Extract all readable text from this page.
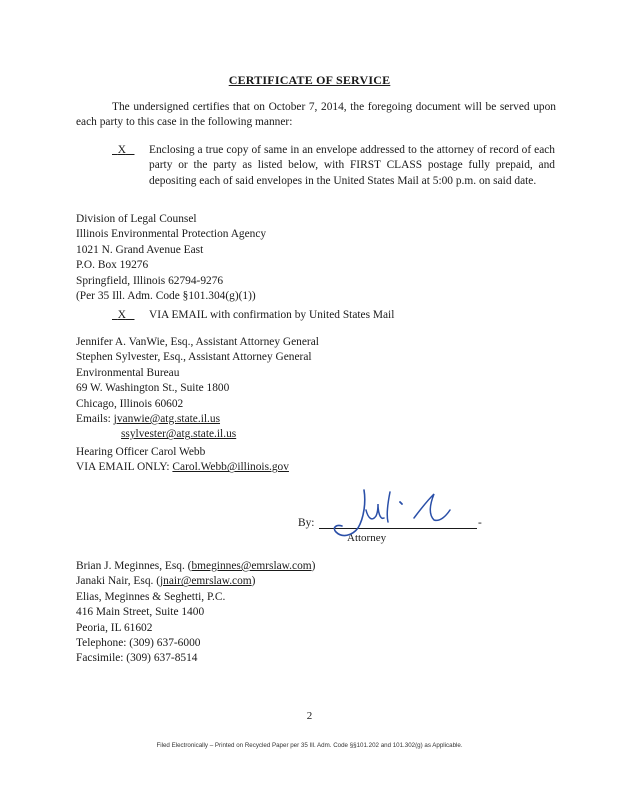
CERTIFICATE OF SERVICE
The undersigned certifies that on October 7, 2014, the foregoing document will be served upon each party to this case in the following manner:
X	Enclosing a true copy of same in an envelope addressed to the attorney of record of each party or the party as listed below, with FIRST CLASS postage fully prepaid, and depositing each of said envelopes in the United States Mail at 5:00 p.m. on said date.
Division of Legal Counsel
Illinois Environmental Protection Agency
1021 N. Grand Avenue East
P.O. Box 19276
Springfield, Illinois 62794-9276
(Per 35 Ill. Adm. Code §101.304(g)(1))
X	VIA EMAIL with confirmation by United States Mail
Jennifer A. VanWie, Esq., Assistant Attorney General
Stephen Sylvester, Esq., Assistant Attorney General
Environmental Bureau
69 W. Washington St., Suite 1800
Chicago, Illinois 60602
Emails: jvanwie@atg.state.il.us
ssylvester@atg.state.il.us
Hearing Officer Carol Webb
VIA EMAIL ONLY: Carol.Webb@illinois.gov
By:	-
Attorney
Brian J. Meginnes, Esq. (bmeginnes@emrslaw.com)
Janaki Nair, Esq. (jnair@emrslaw.com)
Elias, Meginnes & Seghetti, P.C.
416 Main Street, Suite 1400
Peoria, IL 61602
Telephone: (309) 637-6000
Facsimile: (309) 637-8514
2
Filed Electronically – Printed on Recycled Paper per 35 Ill. Adm. Code §§101.202 and 101.302(g) as Applicable.
